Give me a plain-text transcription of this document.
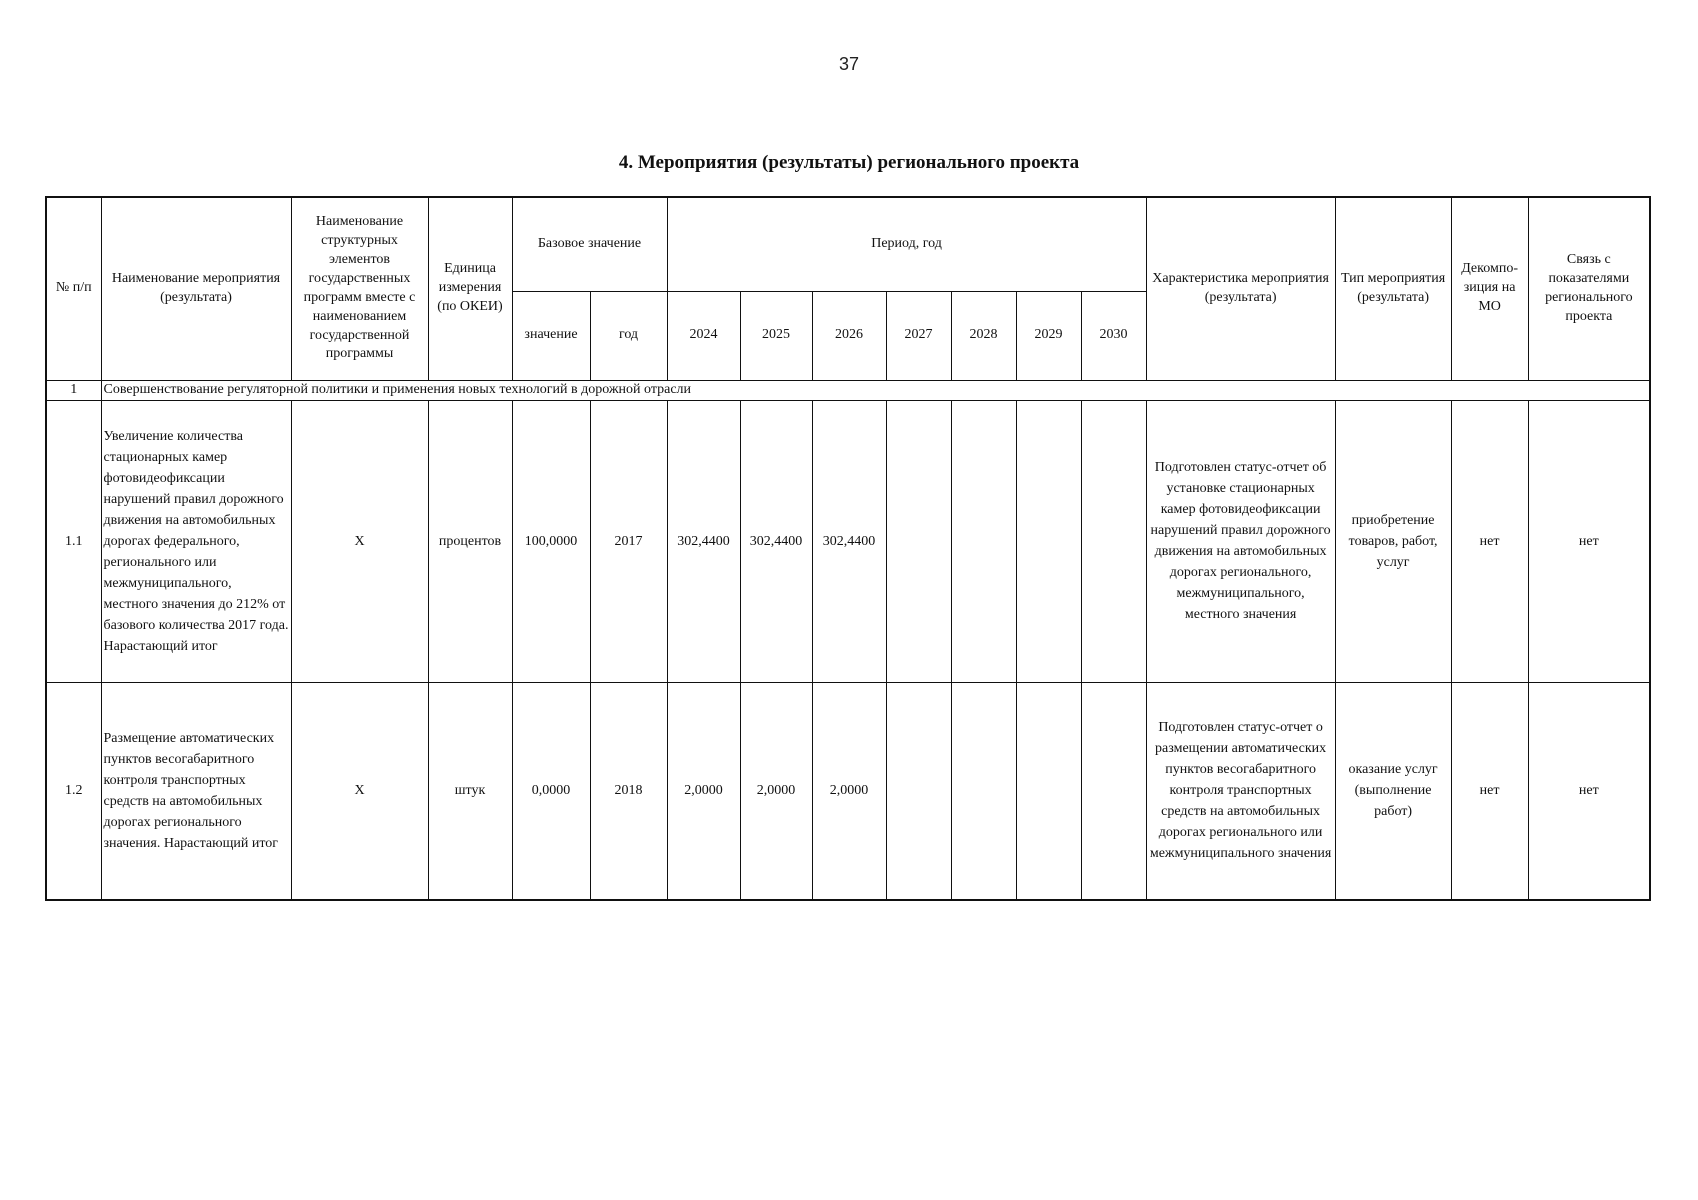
37
4. Мероприятия (результаты) регионального проекта
№ п/п	Наименование мероприятия (результата)	Наименование структурных элементов государственных программ вместе с наименованием государственной программы	Единица измерения (по ОКЕИ)	Базовое значение		Период, год							Характеристика мероприятия (результата)	Тип мероприятия (результата)	Декомпо-зиция на МО	Связь с показателями регионального проекта
				значение	год	2024	2025	2026	2027	2028	2029	2030				
1	Совершенствование регуляторной политики и применения новых технологий в дорожной отрасли															
1.1	Увеличение количества стационарных камер фотовидеофиксации нарушений правил дорожного движения на автомобильных дорогах федерального, регионального или межмуниципального, местного значения до 212% от базового количества 2017 года. Нарастающий итог	X	процентов	100,0000	2017	302,4400	302,4400	302,4400					Подготовлен статус-отчет об установке стационарных камер фотовидеофиксации нарушений правил дорожного движения на автомобильных дорогах регионального, межмуниципального, местного значения	приобретение товаров, работ, услуг	нет	нет
1.2	Размещение автоматических пунктов весогабаритного контроля транспортных средств на автомобильных дорогах регионального значения. Нарастающий итог	X	штук	0,0000	2018	2,0000	2,0000	2,0000					Подготовлен статус-отчет о размещении автоматических пунктов весогабаритного контроля транспортных средств на автомобильных дорогах регионального или межмуниципального значения	оказание услуг (выполнение работ)	нет	нет
